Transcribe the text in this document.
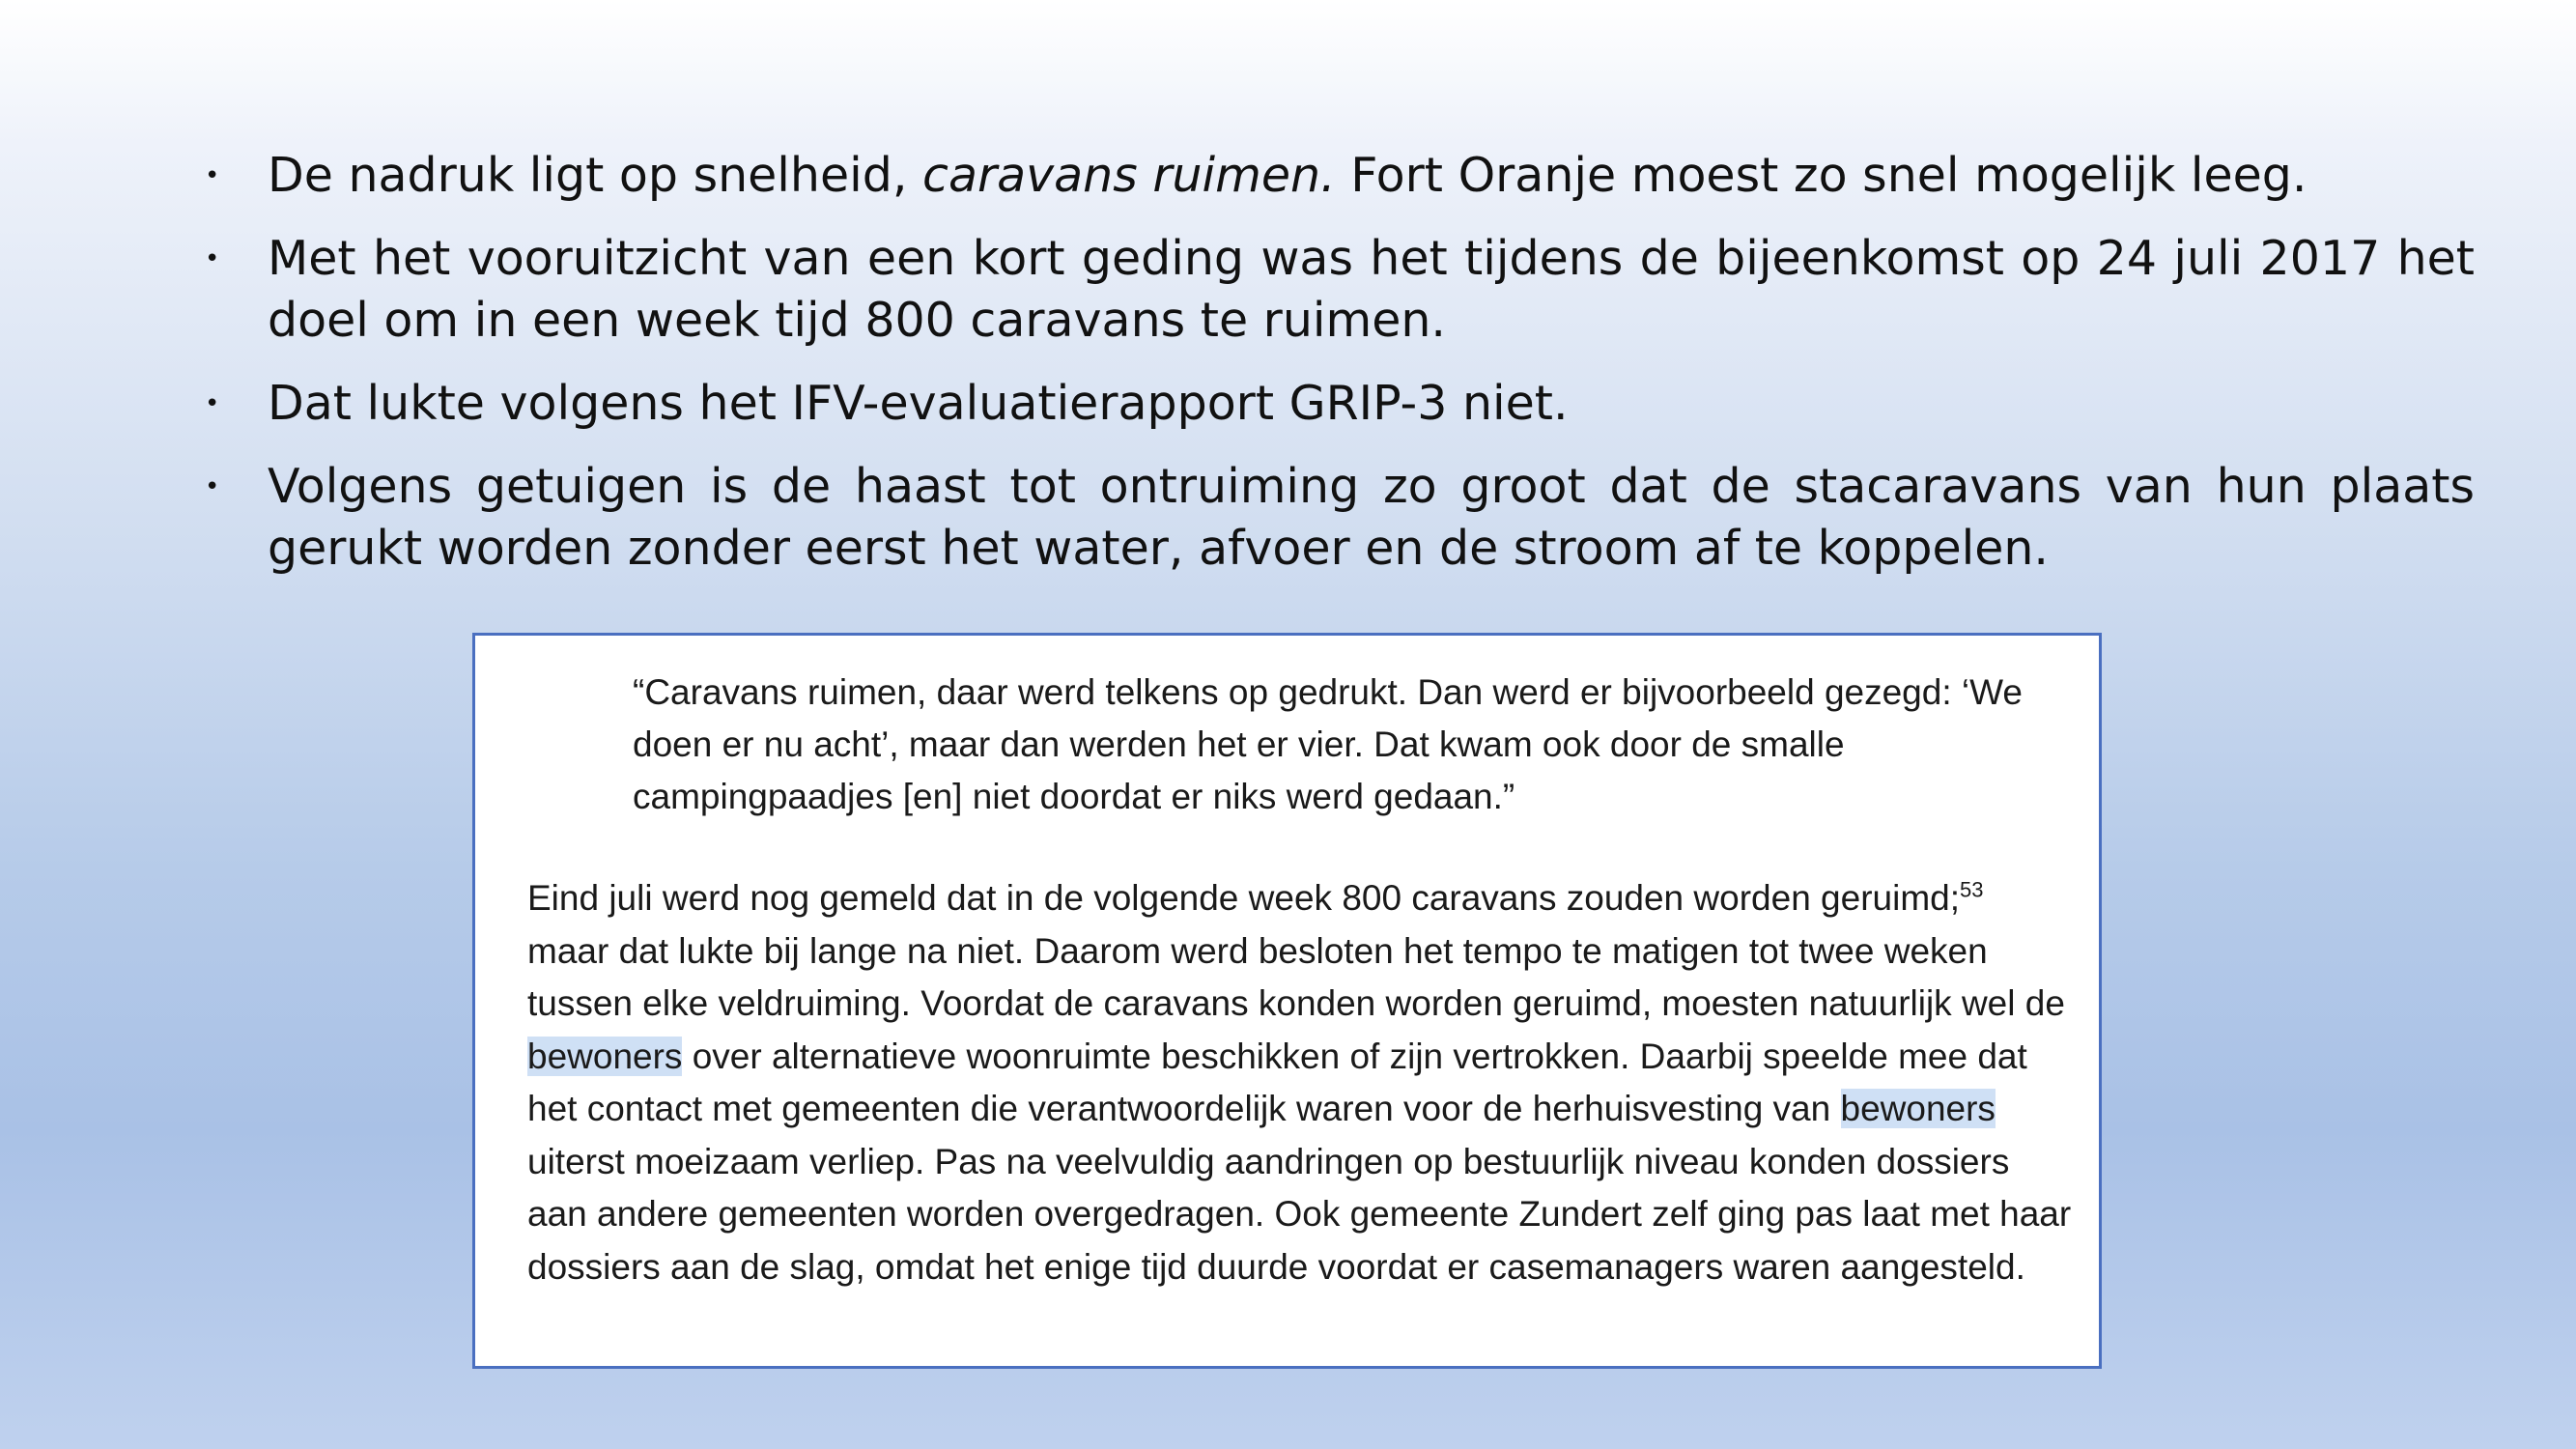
• De nadruk ligt op snelheid, caravans ruimen. Fort Oranje moest zo snel mogelijk leeg.
• Met het vooruitzicht van een kort geding was het tijdens de bijeenkomst op 24 juli 2017 het doel om in een week tijd 800 caravans te ruimen.
• Dat lukte volgens het IFV-evaluatierapport GRIP-3 niet.
• Volgens getuigen is de haast tot ontruiming zo groot dat de stacaravans van hun plaats gerukt worden zonder eerst het water, afvoer en de stroom af te koppelen.

“Caravans ruimen, daar werd telkens op gedrukt. Dan werd er bijvoorbeeld gezegd: ‘We doen er nu acht’, maar dan werden het er vier. Dat kwam ook door de smalle campingpaadjes [en] niet doordat er niks werd gedaan.”

Eind juli werd nog gemeld dat in de volgende week 800 caravans zouden worden geruimd;$^{53}$ maar dat lukte bij lange na niet. Daarom werd besloten het tempo te matigen tot twee weken tussen elke veldruiming. Voordat de caravans konden worden geruimd, moesten natuurlijk wel de bewoners over alternatieve woonruimte beschikken of zijn vertrokken. Daarbij speelde mee dat het contact met gemeenten die verantwoordelijk waren voor de herhuisvesting van bewoners uiterst moeizaam verliep. Pas na veelvuldig aandringen op bestuurlijk niveau konden dossiers aan andere gemeenten worden overgedragen. Ook gemeente Zundert zelf ging pas laat met haar dossiers aan de slag, omdat het enige tijd duurde voordat er casemanagers waren aangesteld.
